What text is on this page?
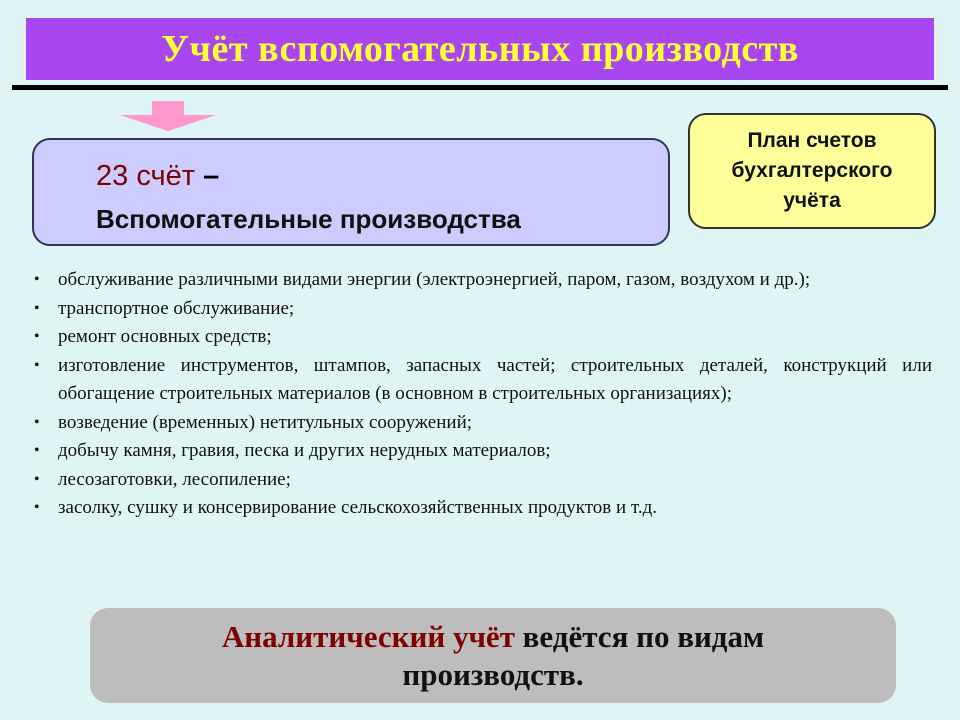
Учёт вспомогательных производств
23 счёт –
Вспомогательные производства
План счетов
бухгалтерского
учёта
• обслуживание различными видами энергии (электроэнергией, паром, газом, воздухом и др.);
• транспортное обслуживание;
• ремонт основных средств;
• изготовление инструментов, штампов, запасных частей; строительных деталей, конструкций или обогащение строительных материалов (в основном в строительных организациях);
• возведение (временных) нетитульных сооружений;
• добычу камня, гравия, песка и других нерудных материалов;
• лесозаготовки, лесопиление;
• засолку, сушку и консервирование сельскохозяйственных продуктов и т.д.
Аналитический учёт ведётся по видам
производств.
